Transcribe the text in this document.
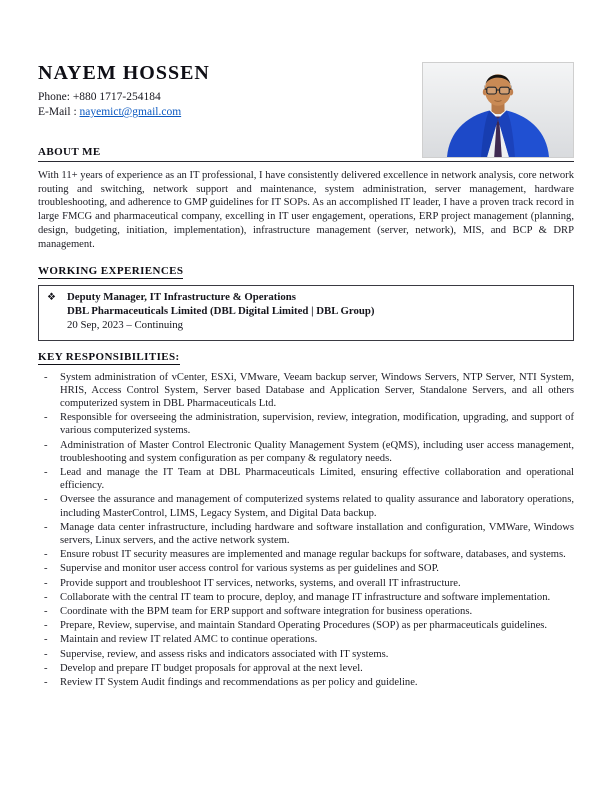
NAYEM HOSSEN
Phone: +880 1717-254184
E-Mail : nayemict@gmail.com
ABOUT ME
With 11+ years of experience as an IT professional, I have consistently delivered excellence in network analysis, core network routing and switching, network support and maintenance, system administration, server management, hardware troubleshooting, and adherence to GMP guidelines for IT SOPs. As an accomplished IT leader, I have a proven track record in large FMCG and pharmaceutical company, excelling in IT user engagement, operations, ERP project management (planning, design, budgeting, initiation, implementation), infrastructure management (server, network), MIS, and BCP & DRP management.
WORKING EXPERIENCES
❖	Deputy Manager, IT Infrastructure & Operations
DBL Pharmaceuticals Limited (DBL Digital Limited | DBL Group)
20 Sep, 2023 – Continuing
KEY RESPONSIBILITIES:
-	System administration of vCenter, ESXi, VMware, Veeam backup server, Windows Servers, NTP Server, NTI System, HRIS, Access Control System, Server based Database and Application Server, Standalone Servers, and all others computerized system in DBL Pharmaceuticals Ltd.
-	Responsible for overseeing the administration, supervision, review, integration, modification, upgrading, and support of various computerized systems.
-	Administration of Master Control Electronic Quality Management System (eQMS), including user access management, troubleshooting and system configuration as per company & regulatory needs.
-	Lead and manage the IT Team at DBL Pharmaceuticals Limited, ensuring effective collaboration and operational efficiency.
-	Oversee the assurance and management of computerized systems related to quality assurance and laboratory operations, including MasterControl, LIMS, Legacy System, and Digital Data backup.
-	Manage data center infrastructure, including hardware and software installation and configuration, VMWare, Windows servers, Linux servers, and the active network system.
-	Ensure robust IT security measures are implemented and manage regular backups for software, databases, and systems.
-	Supervise and monitor user access control for various systems as per guidelines and SOP.
-	Provide support and troubleshoot IT services, networks, systems, and overall IT infrastructure.
-	Collaborate with the central IT team to procure, deploy, and manage IT infrastructure and software implementation.
-	Coordinate with the BPM team for ERP support and software integration for business operations.
-	Prepare, Review, supervise, and maintain Standard Operating Procedures (SOP) as per pharmaceuticals guidelines.
-	Maintain and review IT related AMC to continue operations.
-	Supervise, review, and assess risks and indicators associated with IT systems.
-	Develop and prepare IT budget proposals for approval at the next level.
-	Review IT System Audit findings and recommendations as per policy and guideline.
